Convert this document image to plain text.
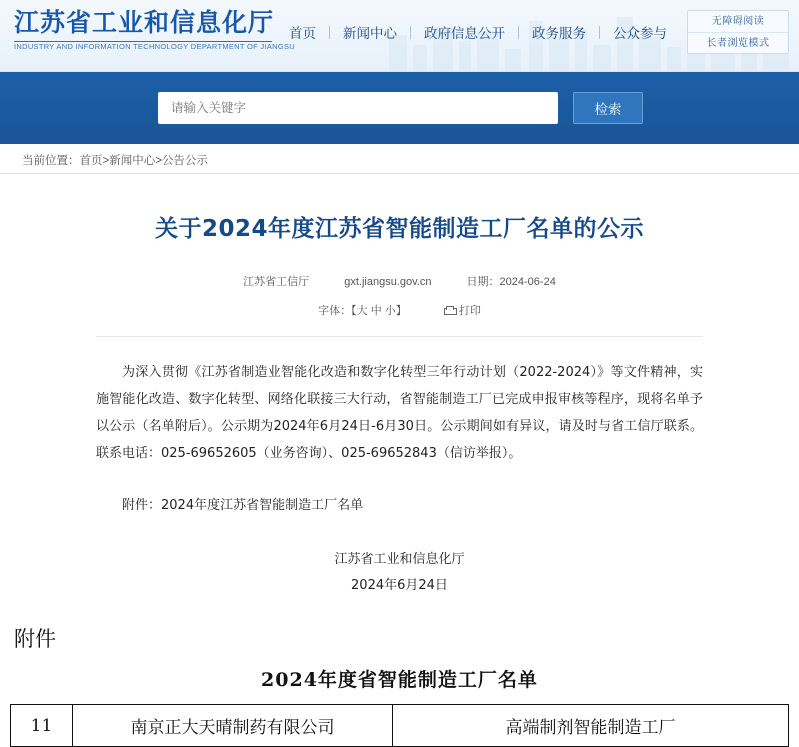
江苏省工业和信息化厅
INDUSTRY AND INFORMATION TECHNOLOGY DEPARTMENT OF JIANGSU
首页	新闻中心	政府信息公开	政务服务	公众参与
无障碍阅读
长者浏览模式
请输入关键字
检索
当前位置：首页>新闻中心>公告公示
关于2024年度江苏省智能制造工厂名单的公示
江苏省工信厅	gxt.jiangsu.gov.cn	日期：2024-06-24
字体：【大 中 小】	打印
为深入贯彻《江苏省制造业智能化改造和数字化转型三年行动计划（2022-2024）》等文件精神，实施智能化改造、数字化转型、网络化联接三大行动，省智能制造工厂已完成申报审核等程序，现将名单予以公示（名单附后）。公示期为2024年6月24日-6月30日。公示期间如有异议，请及时与省工信厅联系。联系电话：025-69652605（业务咨询）、025-69652843（信访举报）。
附件：2024年度江苏省智能制造工厂名单
江苏省工业和信息化厅
2024年6月24日
附件
2024年度省智能制造工厂名单
11	南京正大天晴制药有限公司	高端制剂智能制造工厂
